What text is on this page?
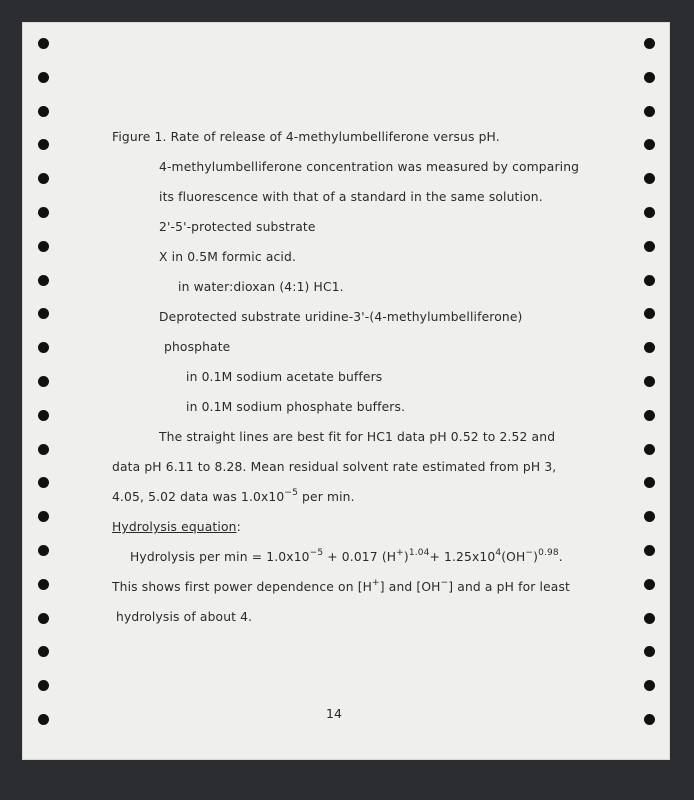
Figure 1. Rate of release of 4-methylumbelliferone versus pH.
4-methylumbelliferone concentration was measured by comparing
its fluorescence with that of a standard in the same solution.
2'-5'-protected substrate
X in 0.5M formic acid.
in water:dioxan (4:1) HC1.
Deprotected substrate uridine-3'-(4-methylumbelliferone)
phosphate
in 0.1M sodium acetate buffers
in 0.1M sodium phosphate buffers.
The straight lines are best fit for HC1 data pH 0.52 to 2.52 and
data pH 6.11 to 8.28. Mean residual solvent rate estimated from pH 3,
4.05, 5.02 data was $1.0x10^{-5}$ per min.
Hydrolysis equation:
Hydrolysis per $\min = 1.0x10^{-5} + 0.017$ $(H^+)^{1.04}+ 1.25x10^4(OH^-)^{0.98}$.
This shows first power dependence on [H+] and [OH−] and a pH for least
hydrolysis of about 4.
14
